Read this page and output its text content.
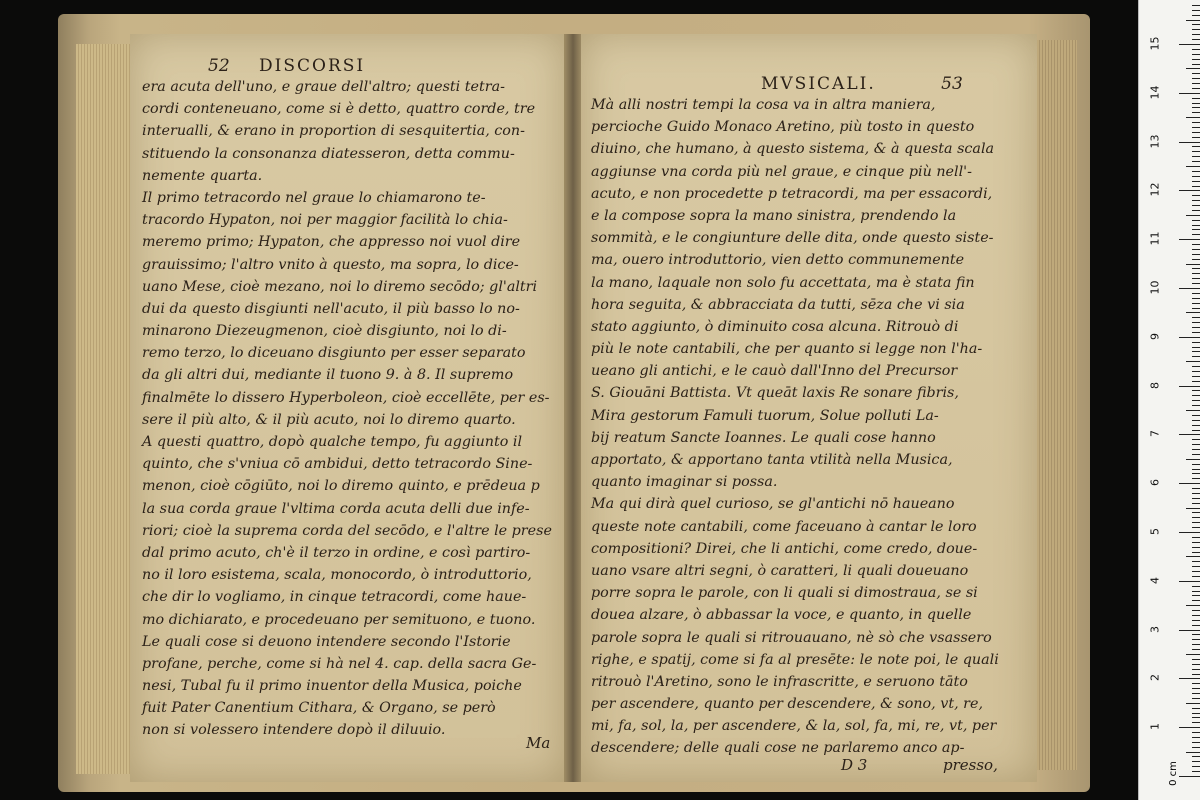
52 DISCORSI
era acuta dell'uno, e graue dell'altro; questi tetra-
cordi conteneuano, come si è detto, quattro corde, tre
interualli, & erano in proportion di sesquitertia, con-
stituendo la consonanza diatesseron, detta commu-
nemente quarta.
Il primo tetracordo nel graue lo chiamarono te-
tracordo Hypaton, noi per maggior facilità lo chia-
meremo primo; Hypaton, che appresso noi vuol dire
grauissimo; l'altro vnito à questo, ma sopra, lo dice-
uano Mese, cioè mezano, noi lo diremo secōdo; gl'altri
dui da questo disgiunti nell'acuto, il più basso lo no-
minarono Diezeugmenon, cioè disgiunto, noi lo di-
remo terzo, lo diceuano disgiunto per esser separato
da gli altri dui, mediante il tuono 9. à 8. Il supremo
finalmēte lo dissero Hyperboleon, cioè eccellēte, per es-
sere il più alto, & il più acuto, noi lo diremo quarto.
A questi quattro, dopò qualche tempo, fu aggiunto il
quinto, che s'vniua cō ambidui, detto tetracordo Sine-
menon, cioè cōgiūto, noi lo diremo quinto, e prēdeua p
la sua corda graue l'vltima corda acuta delli due infe-
riori; cioè la suprema corda del secōdo, e l'altre le prese
dal primo acuto, ch'è il terzo in ordine, e così partiro-
no il loro esistema, scala, monocordo, ò introduttorio,
che dir lo vogliamo, in cinque tetracordi, come haue-
mo dichiarato, e procedeuano per semituono, e tuono.
Le quali cose si deuono intendere secondo l'Istorie
profane, perche, come si hà nel 4. cap. della sacra Ge-
nesi, Tubal fu il primo inuentor della Musica, poiche
fuit Pater Canentium Cithara, & Organo, se però
non si volessero intendere dopò il diluuio.
Ma
MVSICALI.	53
Mà alli nostri tempi la cosa va in altra maniera,
percioche Guido Monaco Aretino, più tosto in questo
diuino, che humano, à questo sistema, & à questa scala
aggiunse vna corda più nel graue, e cinque più nell'-
acuto, e non procedette p tetracordi, ma per essacordi,
e la compose sopra la mano sinistra, prendendo la
sommità, e le congiunture delle dita, onde questo siste-
ma, ouero introduttorio, vien detto communemente
la mano, laquale non solo fu accettata, ma è stata fin
hora seguita, & abbracciata da tutti, sēza che vi sia
stato aggiunto, ò diminuito cosa alcuna. Ritrouò di
più le note cantabili, che per quanto si legge non l'ha-
ueano gli antichi, e le cauò dall'Inno del Precursor
S. Giouāni Battista. Vt queāt laxis Re sonare fibris,
Mira gestorum Famuli tuorum, Solue polluti La-
bij reatum Sancte Ioannes. Le quali cose hanno
apportato, & apportano tanta vtilità nella Musica,
quanto imaginar si possa.
Ma qui dirà quel curioso, se gl'antichi nō haueano
queste note cantabili, come faceuano à cantar le loro
compositioni? Direi, che li antichi, come credo, doue-
uano vsare altri segni, ò caratteri, li quali doueuano
porre sopra le parole, con li quali si dimostraua, se si
douea alzare, ò abbassar la voce, e quanto, in quelle
parole sopra le quali si ritrouauano, nè sò che vsassero
righe, e spatij, come si fa al presēte: le note poi, le quali
ritrouò l'Aretino, sono le infrascritte, e seruono tāto
per ascendere, quanto per descendere, & sono, vt, re,
mi, fa, sol, la, per ascendere, & la, sol, fa, mi, re, vt, per
descendere; delle quali cose ne parlaremo anco ap-
D 3	presso,	0 cm
1
2
3
4
5
6
7
8
9
10
11
12
13
14
15
